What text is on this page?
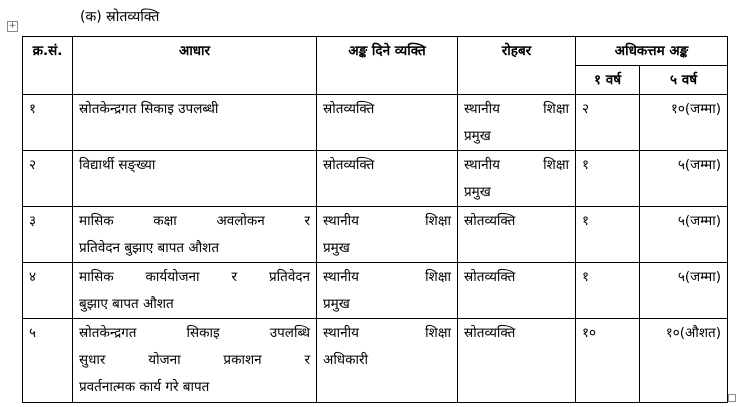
+
(क) स्रोतव्यक्ति
क्र.सं.	आधार	अङ्क दिने व्यक्ति	रोहबर	अधिकत्तम अङ्क	
				१ वर्ष	५ वर्ष
१	स्रोतकेन्द्रगत सिकाइ उपलब्धी	स्रोतव्यक्ति	स्थानीय शिक्षा
प्रमुख	२	१०(जम्मा)
२	विद्यार्थी सङ्ख्या	स्रोतव्यक्ति	स्थानीय शिक्षा
प्रमुख	१	५(जम्मा)
३	मासिक कक्षा अवलोकन र
प्रतिवेदन बुझाए बापत औशत	स्थानीय शिक्षा
प्रमुख	स्रोतव्यक्ति	१	५(जम्मा)
४	मासिक कार्ययोजना र प्रतिवेदन
बुझाए बापत औशत	स्थानीय शिक्षा
प्रमुख	स्रोतव्यक्ति	१	५(जम्मा)
५	स्रोतकेन्द्रगत सिकाइ उपलब्धि
सुधार योजना प्रकाशन र
प्रवर्तनात्मक कार्य गरे बापत	स्थानीय शिक्षा
अधिकारी	स्रोतव्यक्ति	१०	१०(औशत)
